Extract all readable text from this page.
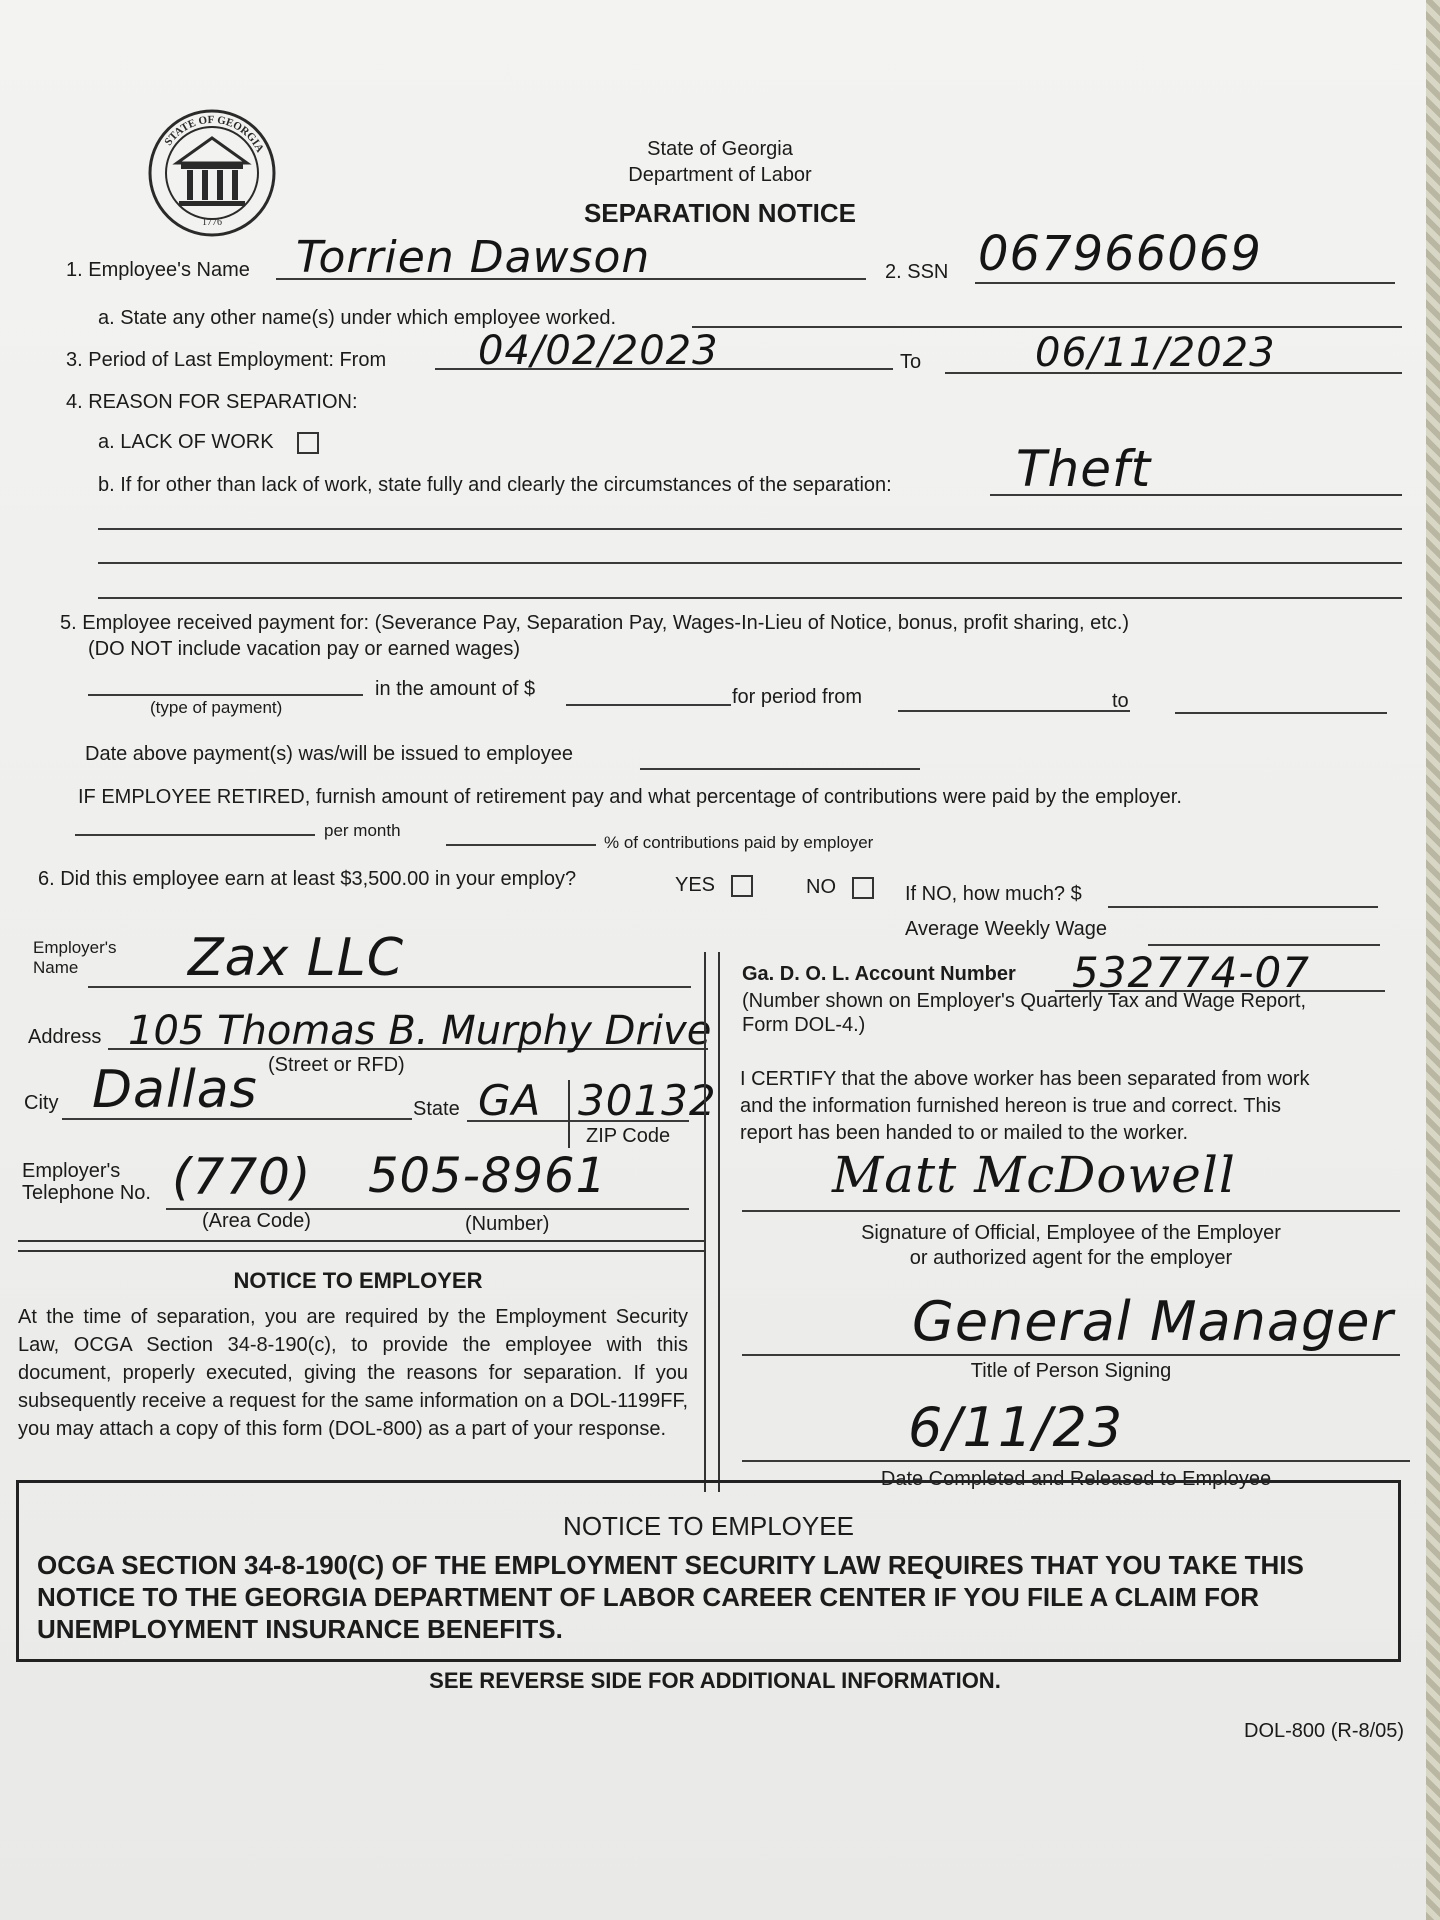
STATE OF GEORGIA
1776
State of Georgia
Department of Labor
SEPARATION NOTICE
1. Employee's Name Torrien Dawson	2. SSN 067966069
a. State any other name(s) under which employee worked.
3. Period of Last Employment: From 04/02/2023	To	06/11/2023
4. REASON FOR SEPARATION:
a. LACK OF WORK
b. If for other than lack of work, state fully and clearly the circumstances of the separation: Theft
5. Employee received payment for: (Severance Pay, Separation Pay, Wages-In-Lieu of Notice, bonus, profit sharing, etc.)
(DO NOT include vacation pay or earned wages)
(type of payment)
in the amount of $	for period from	to
Date above payment(s) was/will be issued to employee
IF EMPLOYEE RETIRED, furnish amount of retirement pay and what percentage of contributions were paid by the employer.
per month
% of contributions paid by employer
6. Did this employee earn at least $3,500.00 in your employ?	YES	NO	If NO, how much? $
Average Weekly Wage
Employer's
Name	Zax LLC
Address 105 Thomas B. Murphy Drive
(Street or RFD)
City Dallas	State GA 30132
ZIP Code
Employer's
Telephone No. (770) 505-8961
(Area Code)	(Number)
NOTICE TO EMPLOYER
At the time of separation, you are required by the Employment Security Law, OCGA Section 34-8-190(c), to provide the employee with this document, properly executed, giving the reasons for separation. If you subsequently receive a request for the same information on a DOL-1199FF, you may attach a copy of this form (DOL-800) as a part of your response.
Ga. D. O. L. Account Number 532774-07
(Number shown on Employer's Quarterly Tax and Wage Report,
Form DOL-4.)
I CERTIFY that the above worker has been separated from work
and the information furnished hereon is true and correct. This
report has been handed to or mailed to the worker.
Matt McDowell
Signature of Official, Employee of the Employer
or authorized agent for the employer
General Manager
Title of Person Signing
6/11/23
Date Completed and Released to Employee
NOTICE TO EMPLOYEE
OCGA SECTION 34-8-190(C) OF THE EMPLOYMENT SECURITY LAW REQUIRES THAT YOU TAKE THIS NOTICE TO THE GEORGIA DEPARTMENT OF LABOR CAREER CENTER IF YOU FILE A CLAIM FOR UNEMPLOYMENT INSURANCE BENEFITS.
SEE REVERSE SIDE FOR ADDITIONAL INFORMATION.
DOL-800 (R-8/05)
